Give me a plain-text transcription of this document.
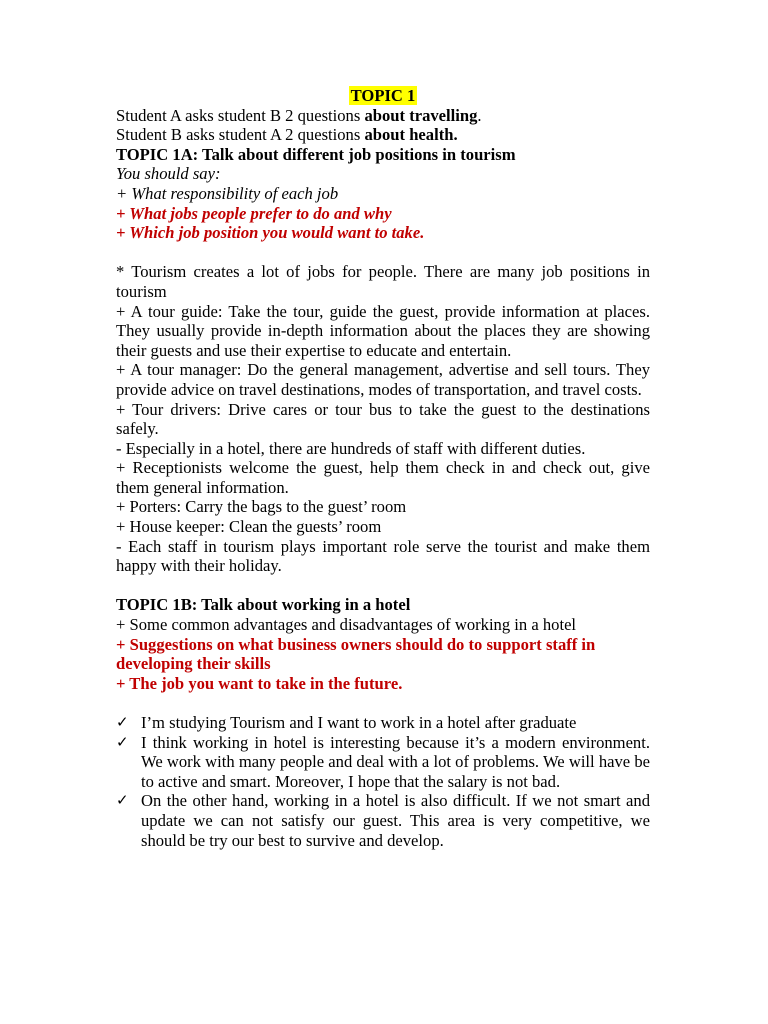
TOPIC 1

Student A asks student B 2 questions about travelling.

Student B asks student A 2 questions about health.

TOPIC 1A: Talk about different job positions in tourism

You should say:

+ What responsibility of each job

+ What jobs people prefer to do and why

+ Which job position you would want to take.

* Tourism creates a lot of jobs for people. There are many job positions in tourism

+ A tour guide: Take the tour, guide the guest, provide information at places. They usually provide in-depth information about the places they are showing their guests and use their expertise to educate and entertain.

+ A tour manager: Do the general management, advertise and sell tours. They provide advice on travel destinations, modes of transportation, and travel costs.

+ Tour drivers: Drive cares or tour bus to take the guest to the destinations safely.

- Especially in a hotel, there are hundreds of staff with different duties.

+ Receptionists welcome the guest, help them check in and check out, give them general information.

+ Porters: Carry the bags to the guest’ room

+ House keeper: Clean the guests’ room

- Each staff in tourism plays important role serve the tourist and make them happy with their holiday.

TOPIC 1B: Talk about working in a hotel

+ Some common advantages and disadvantages of working in a hotel

+ Suggestions on what business owners should do to support staff in developing their skills

+ The job you want to take in the future.

✓ I’m studying Tourism and I want to work in a hotel after graduate
✓ I think working in hotel is interesting because it’s a modern environment. We work with many people and deal with a lot of problems. We will have be to active and smart. Moreover, I hope that the salary is not bad.
✓ On the other hand, working in a hotel is also difficult. If we not smart and update we can not satisfy our guest. This area is very competitive, we should be try our best to survive and develop.
